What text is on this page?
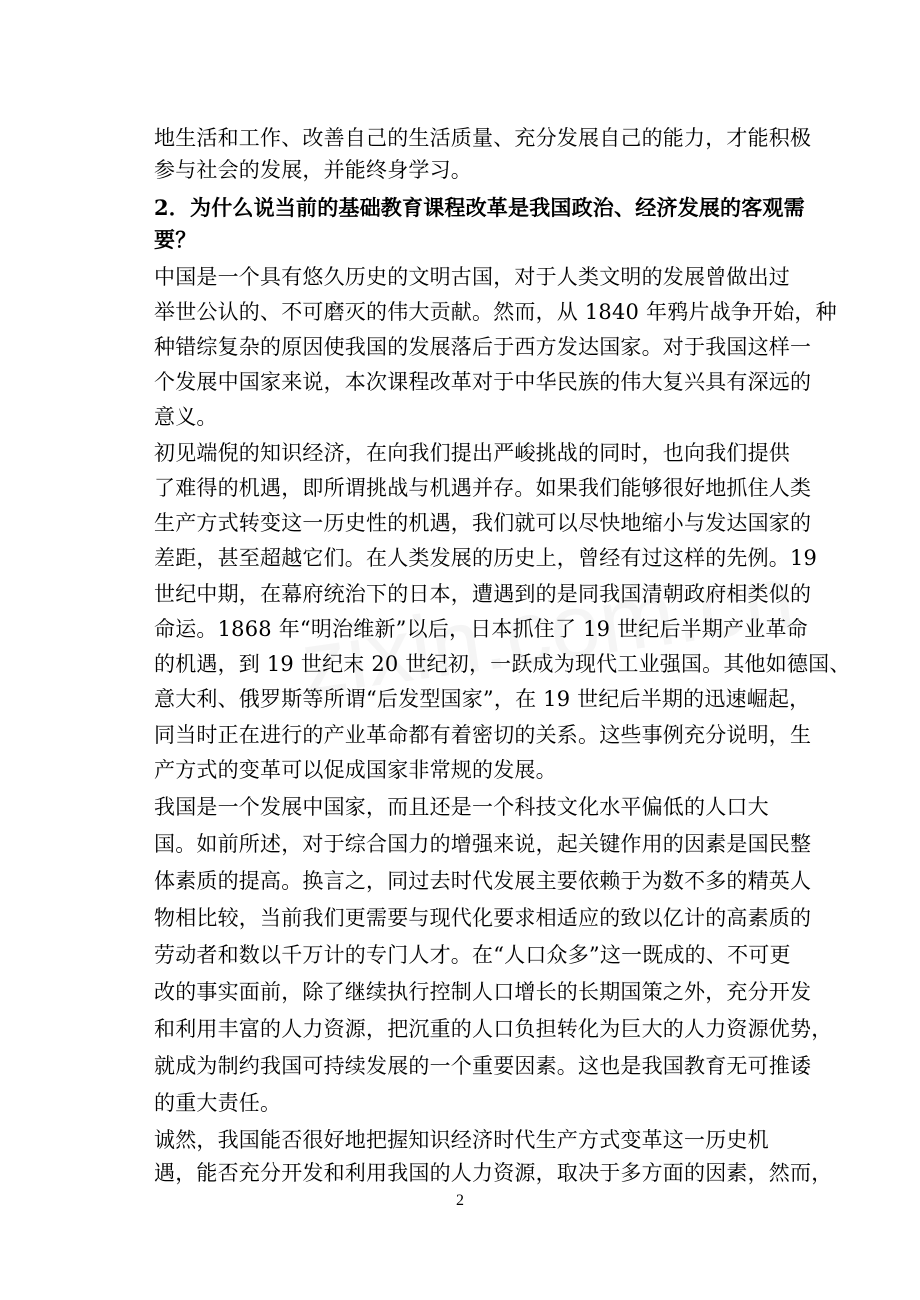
地生活和工作、改善自己的生活质量、充分发展自己的能力，才能积极
参与社会的发展，并能终身学习。
2．为什么说当前的基础教育课程改革是我国政治、经济发展的客观需
要？
中国是一个具有悠久历史的文明古国，对于人类文明的发展曾做出过
举世公认的、不可磨灭的伟大贡献。然而，从 1840 年鸦片战争开始，种
种错综复杂的原因使我国的发展落后于西方发达国家。对于我国这样一
个发展中国家来说，本次课程改革对于中华民族的伟大复兴具有深远的
意义。
初见端倪的知识经济，在向我们提出严峻挑战的同时，也向我们提供
了难得的机遇，即所谓挑战与机遇并存。如果我们能够很好地抓住人类
生产方式转变这一历史性的机遇，我们就可以尽快地缩小与发达国家的
差距，甚至超越它们。在人类发展的历史上，曾经有过这样的先例。19
世纪中期，在幕府统治下的日本，遭遇到的是同我国清朝政府相类似的
命运。1868 年“明治维新”以后，日本抓住了 19 世纪后半期产业革命
的机遇，到 19 世纪末 20 世纪初，一跃成为现代工业强国。其他如德国、
意大利、俄罗斯等所谓“后发型国家”，在 19 世纪后半期的迅速崛起，
同当时正在进行的产业革命都有着密切的关系。这些事例充分说明，生
产方式的变革可以促成国家非常规的发展。
我国是一个发展中国家，而且还是一个科技文化水平偏低的人口大
国。如前所述，对于综合国力的增强来说，起关键作用的因素是国民整
体素质的提高。换言之，同过去时代发展主要依赖于为数不多的精英人
物相比较，当前我们更需要与现代化要求相适应的致以亿计的高素质的
劳动者和数以千万计的专门人才。在“人口众多”这一既成的、不可更
改的事实面前，除了继续执行控制人口增长的长期国策之外，充分开发
和利用丰富的人力资源，把沉重的人口负担转化为巨大的人力资源优势，
就成为制约我国可持续发展的一个重要因素。这也是我国教育无可推诿
的重大责任。
诚然，我国能否很好地把握知识经济时代生产方式变革这一历史机
遇，能否充分开发和利用我国的人力资源，取决于多方面的因素，然而，
2
